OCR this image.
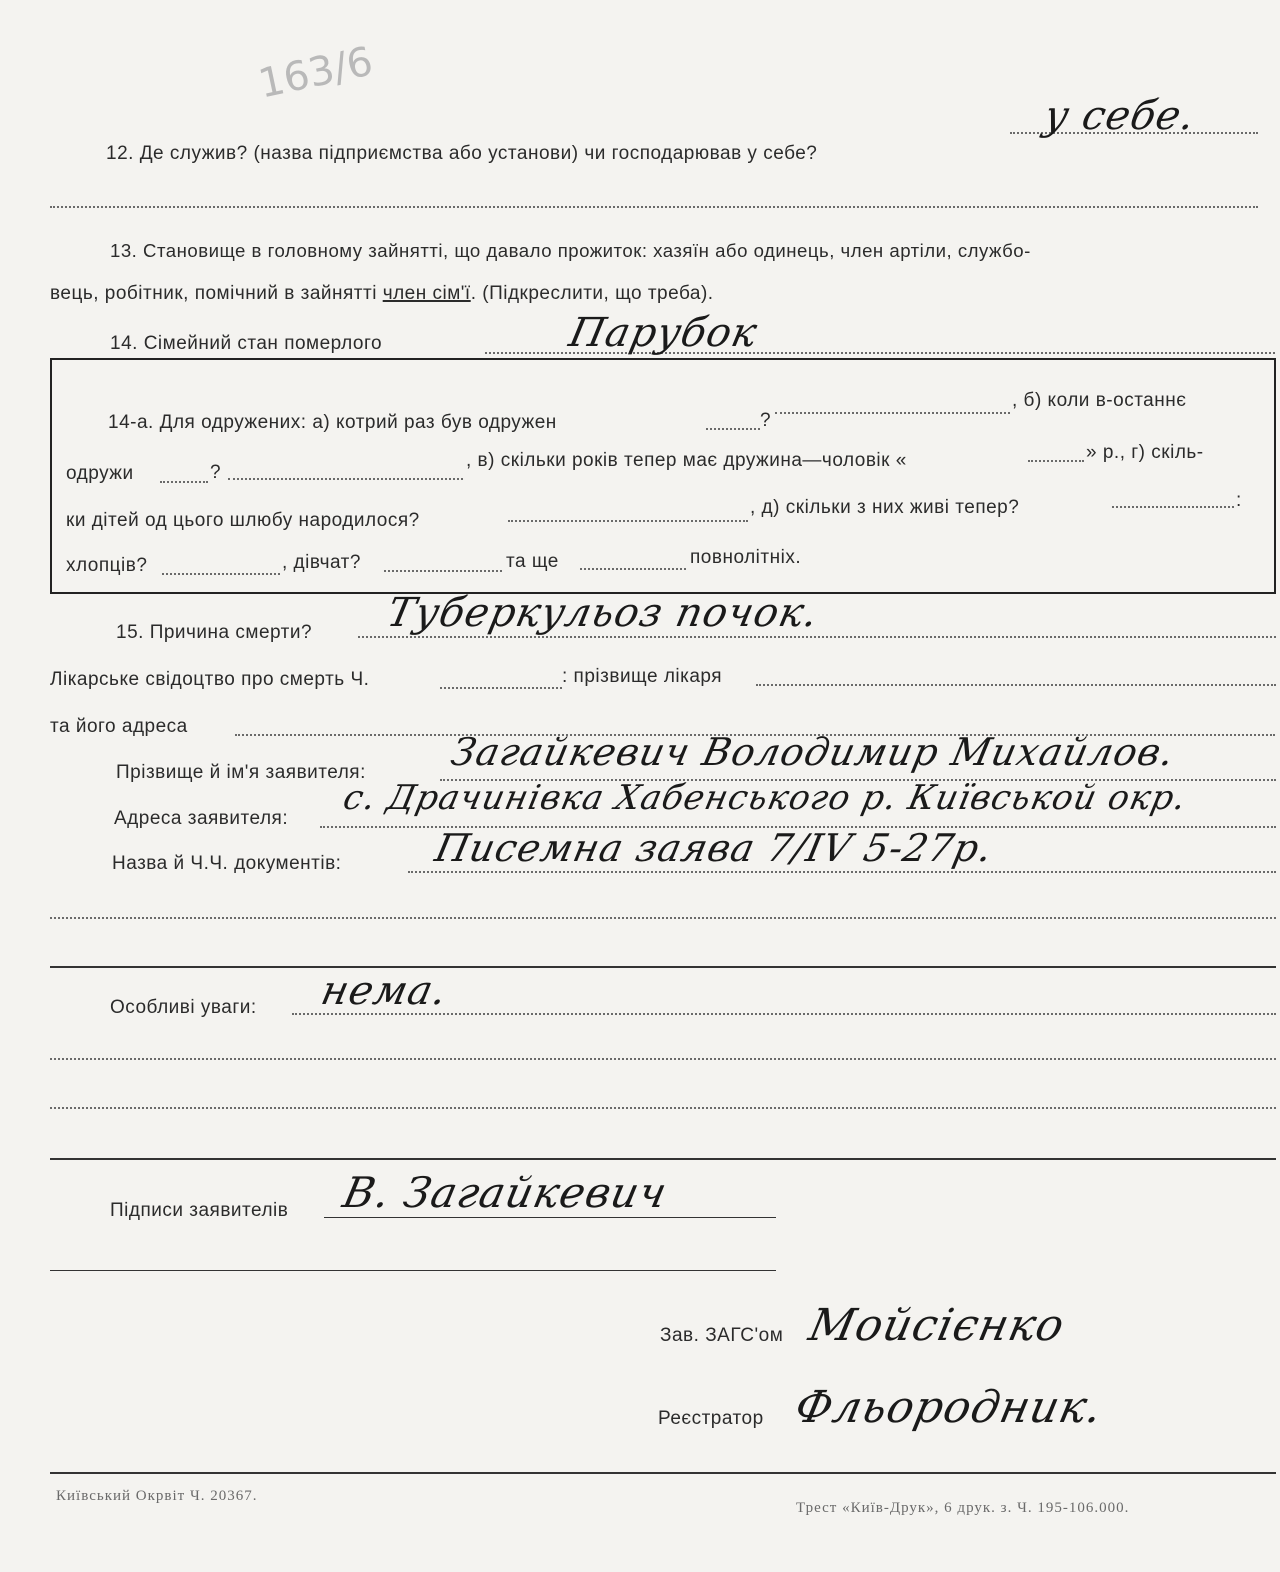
163/6
12. Де служив? (назва підприємства або установи) чи господарював у себе?
у себе.
13. Становище в головному зайнятті, що давало прожиток: хазяїн або одинець, член артіли, службо-
вець, робітник, помічний в зайнятті член сім'ї. (Підкреслити, що треба).
14. Сімейний стан померлого	Парубок
14-а. Для одружених: а) котрий раз був одружен	?
, б) коли в-останнє
одружи	?
, в) скільки років тепер має дружина—чоловік «	» р., г) скіль-
ки дітей од цього шлюбу народилося?
, д) скільки з них живі тепер?	:
хлопців?	, дівчат?	та ще	повнолітніх.
15. Причина смерти? Туберкульоз почок.
Лікарське свідоцтво про смерть Ч.	: прізвище лікаря
та його адреса
Прізвище й ім'я заявителя: Загайкевич Володимир Михайлов.
Адреса заявителя:
с. Драчинівка Хабенського р. Київськой окр.
Назва й Ч.Ч. документів: Писемна заява 7/IV 5-27р.
Особливі уваги: нема.
Підписи заявителів В. Загайкевич
Зав. ЗАГС'ом Мойсієнко
Реєстратор Фльородник.
Київський Окрвіт Ч. 20367.
Трест «Київ-Друк», 6 друк. з. Ч. 195-106.000.
